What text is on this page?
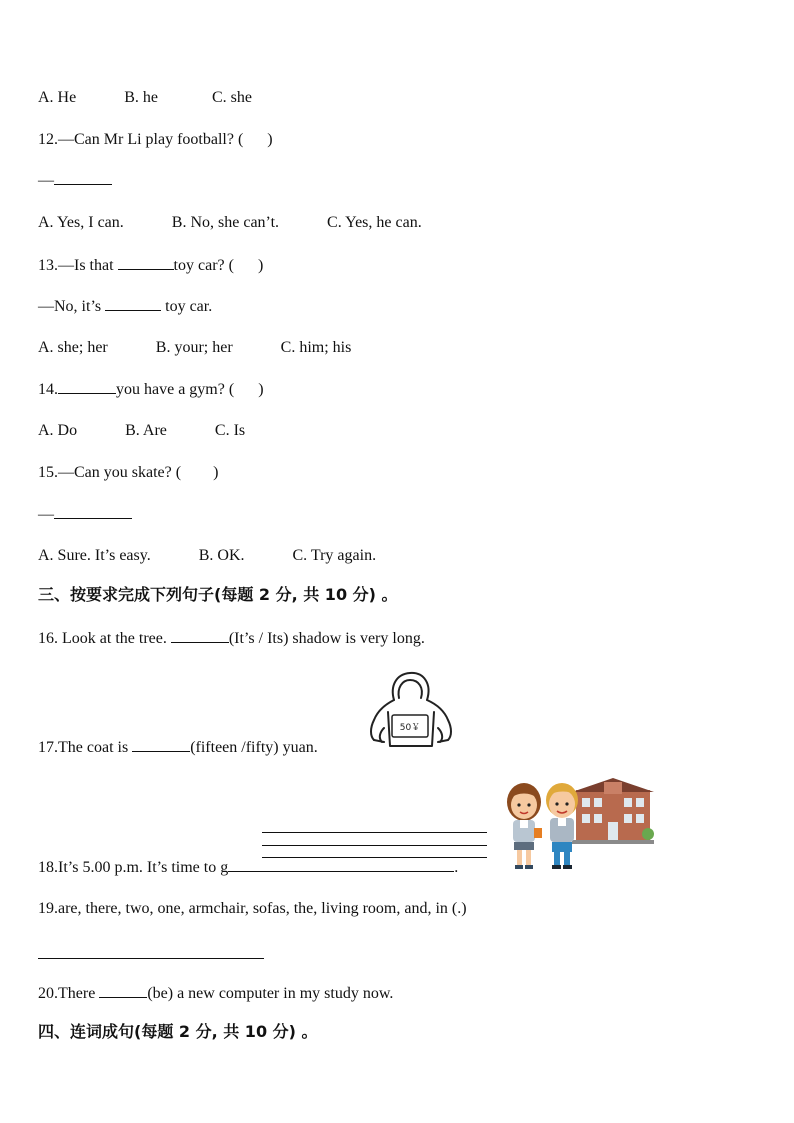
A. He	B. he	C. she
12.—Can Mr Li play football? ( )
—
A. Yes, I can.	B. No, she can’t.	C. Yes, he can.
13.—Is that	toy car? ( )
—No, it’s	toy car.
A. she; her	B. your; her	C. him; his
14.	you have a gym? ( )
A. Do	B. Are	C. Is
15.—Can you skate? ( )
—
A. Sure. It’s easy.	B. OK.	C. Try again.
三、按要求完成下列句子(每题 2 分, 共 10 分) 。
16. Look at the tree.	(It’s / Its) shadow is very long.
17.The coat is	(fifteen /fifty) yuan.
50￥
18.It’s 5.00 p.m. It’s time to g	.
19.are, there, two, one, armchair, sofas, the, living room, and, in (.)
20.There	(be) a new computer in my study now.
四、连词成句(每题 2 分, 共 10 分) 。
